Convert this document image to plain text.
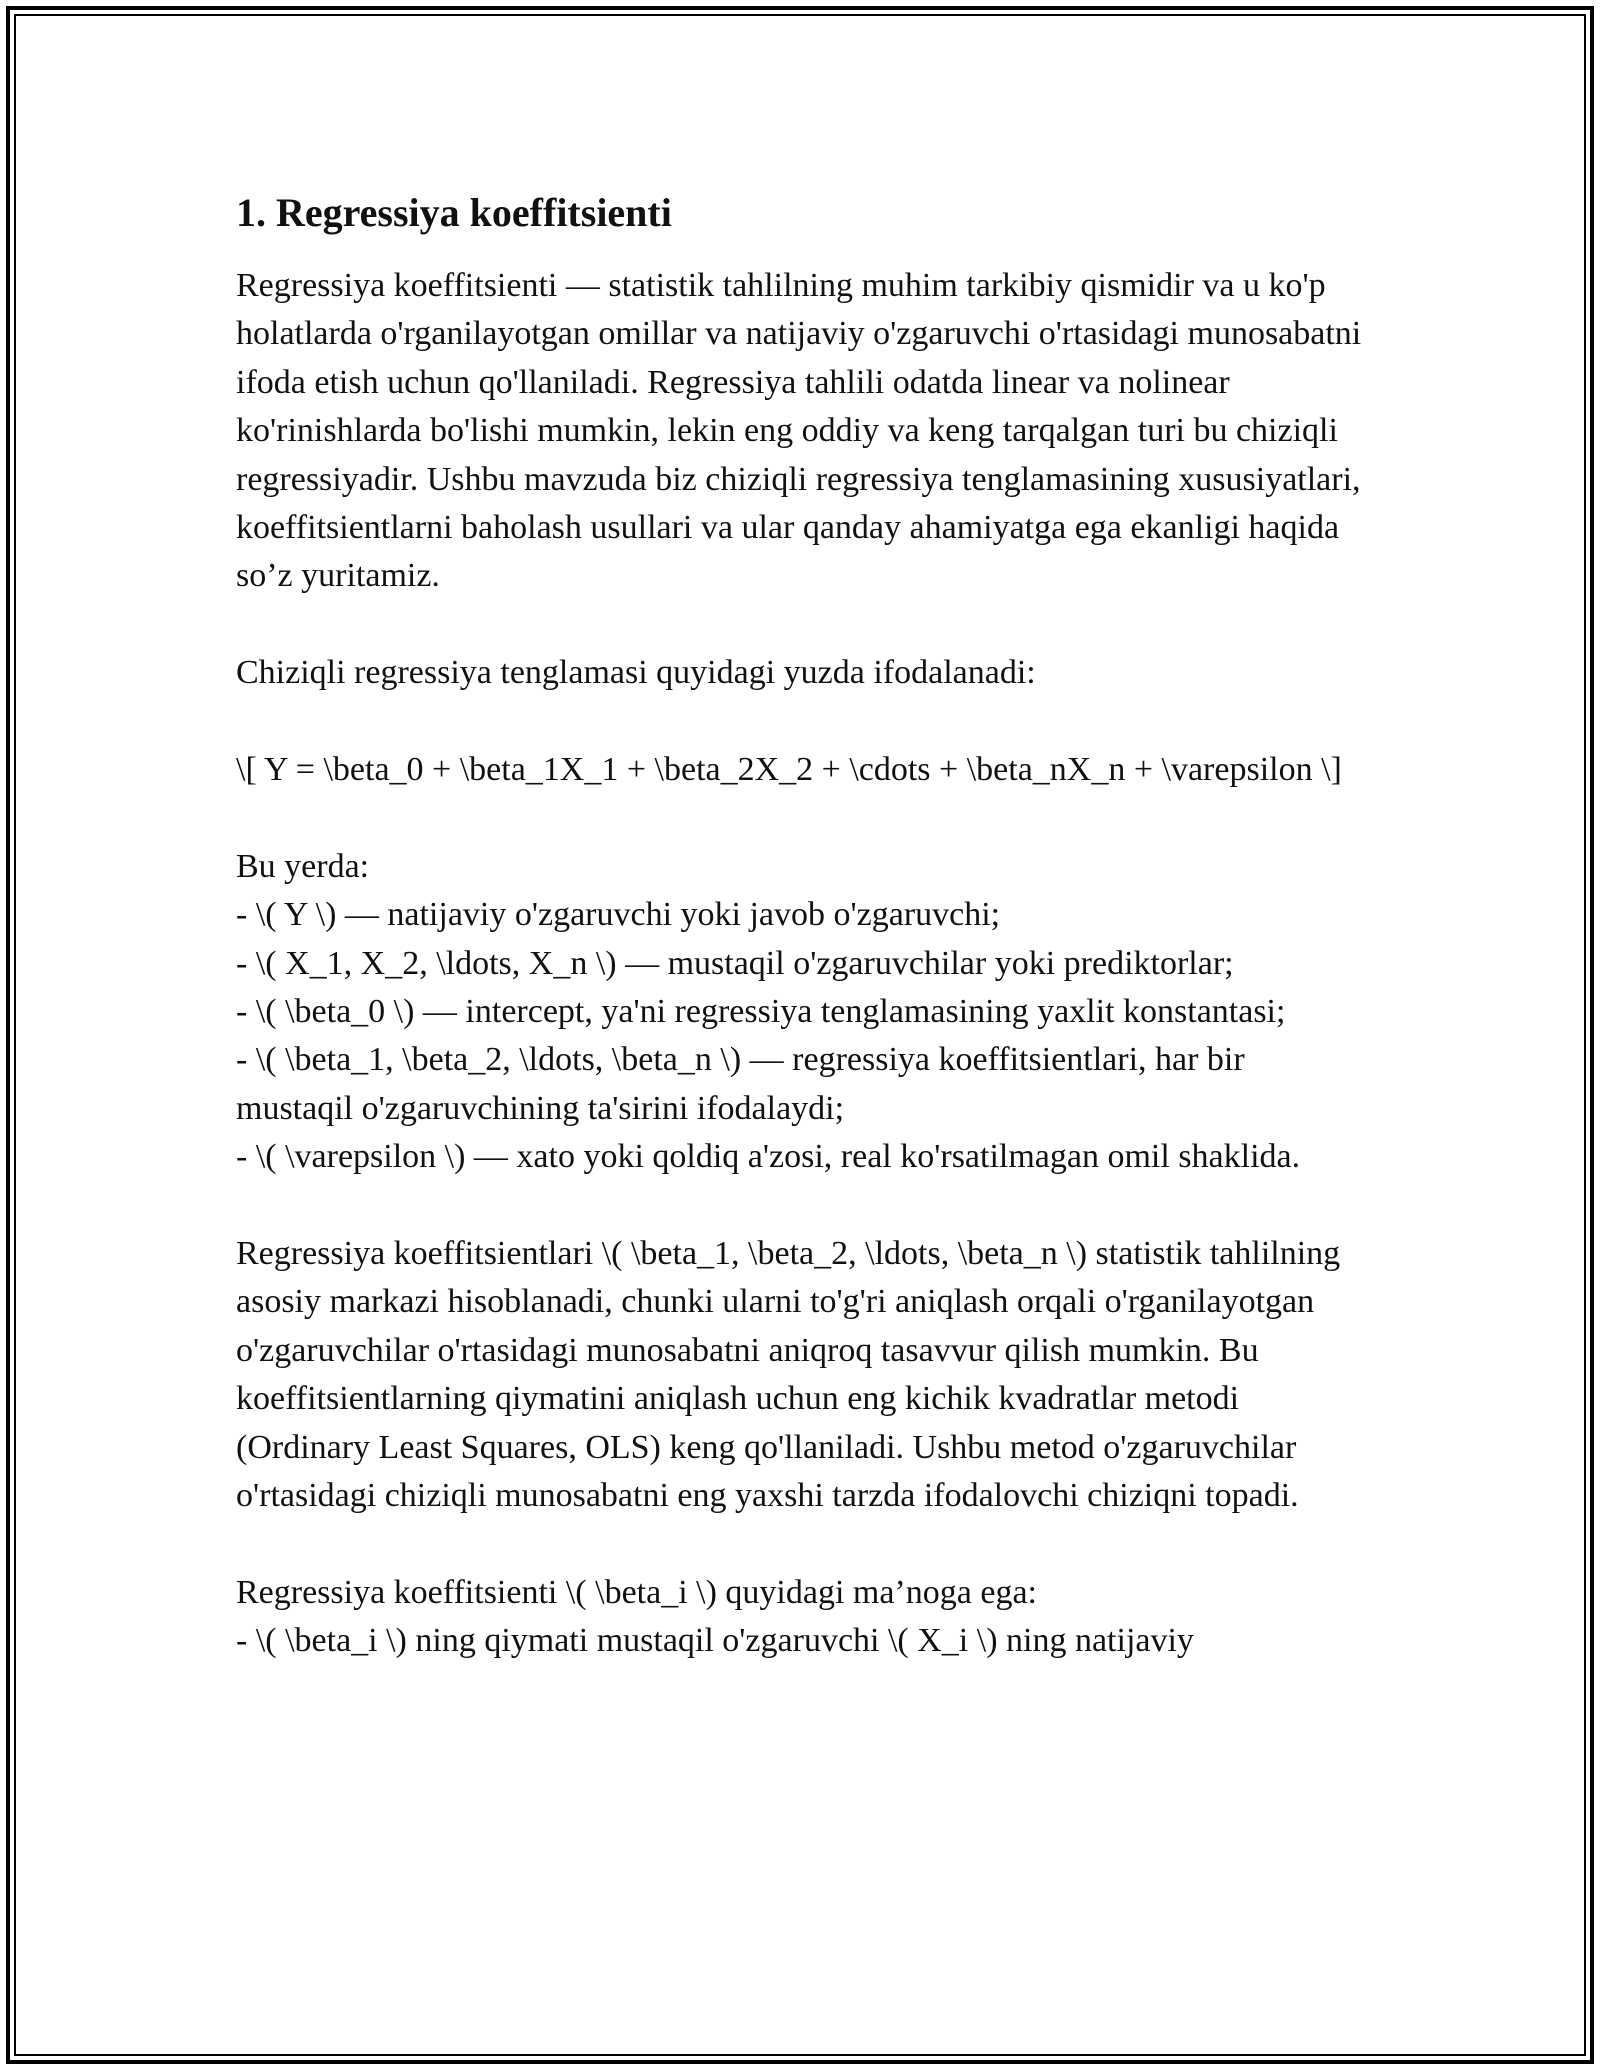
1. Regressiya koeffitsienti

Regressiya koeffitsienti — statistik tahlilning muhim tarkibiy qismidir va u ko'p holatlarda o'rganilayotgan omillar va natijaviy o'zgaruvchi o'rtasidagi munosabatni ifoda etish uchun qo'llaniladi. Regressiya tahlili odatda linear va nolinear ko'rinishlarda bo'lishi mumkin, lekin eng oddiy va keng tarqalgan turi bu chiziqli regressiyadir. Ushbu mavzuda biz chiziqli regressiya tenglamasining xususiyatlari, koeffitsientlarni baholash usullari va ular qanday ahamiyatga ega ekanligi haqida so’z yuritamiz.

Chiziqli regressiya tenglamasi quyidagi yuzda ifodalanadi:

\[ Y = \beta_0 + \beta_1X_1 + \beta_2X_2 + \cdots + \beta_nX_n + \varepsilon \]

Bu yerda:

- \( Y \) — natijaviy o'zgaruvchi yoki javob o'zgaruvchi;

- \( X_1, X_2, \ldots, X_n \) — mustaqil o'zgaruvchilar yoki prediktorlar;

- \( \beta_0 \) — intercept, ya'ni regressiya tenglamasining yaxlit konstantasi;

- \( \beta_1, \beta_2, \ldots, \beta_n \) — regressiya koeffitsientlari, har bir mustaqil o'zgaruvchining ta'sirini ifodalaydi;

- \( \varepsilon \) — xato yoki qoldiq a'zosi, real ko'rsatilmagan omil shaklida.

Regressiya koeffitsientlari \( \beta_1, \beta_2, \ldots, \beta_n \) statistik tahlilning asosiy markazi hisoblanadi, chunki ularni to'g'ri aniqlash orqali o'rganilayotgan o'zgaruvchilar o'rtasidagi munosabatni aniqroq tasavvur qilish mumkin. Bu koeffitsientlarning qiymatini aniqlash uchun eng kichik kvadratlar metodi (Ordinary Least Squares, OLS) keng qo'llaniladi. Ushbu metod o'zgaruvchilar o'rtasidagi chiziqli munosabatni eng yaxshi tarzda ifodalovchi chiziqni topadi.

Regressiya koeffitsienti \( \beta_i \) quyidagi ma’noga ega:

- \( \beta_i \) ning qiymati mustaqil o'zgaruvchi \( X_i \) ning natijaviy
